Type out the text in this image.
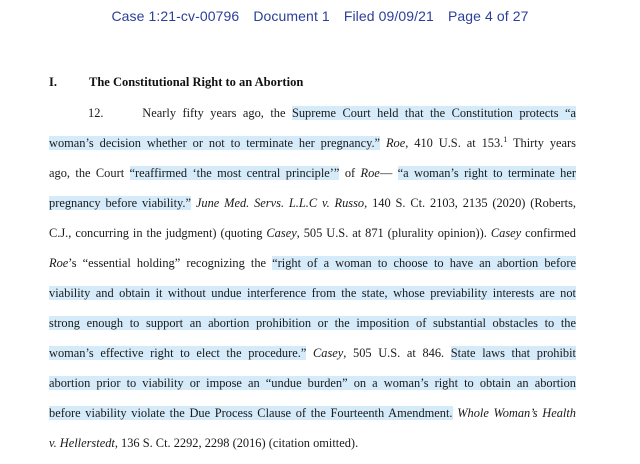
Case 1:21-cv-00796 Document 1 Filed 09/09/21 Page 4 of 27
I.	The Constitutional Right to an Abortion
12.	Nearly fifty years ago, the Supreme Court held that the Constitution protects “a
woman’s decision whether or not to terminate her pregnancy.” Roe, 410 U.S. at 153.$^1$ Thirty years
ago, the Court “reaffirmed ‘the most central principle’” of Roe— “a woman’s right to terminate her
pregnancy before viability.” June Med. Servs. L.L.C v. Russo, 140 S. Ct. 2103, 2135 (2020) (Roberts,
C.J., concurring in the judgment) (quoting Casey, 505 U.S. at 871 (plurality opinion)). Casey confirmed
Roe’s “essential holding” recognizing the “right of a woman to choose to have an abortion before
viability and obtain it without undue interference from the state, whose previability interests are not
strong enough to support an abortion prohibition or the imposition of substantial obstacles to the
woman’s effective right to elect the procedure.” Casey, 505 U.S. at 846. State laws that prohibit
abortion prior to viability or impose an “undue burden” on a woman’s right to obtain an abortion
before viability violate the Due Process Clause of the Fourteenth Amendment. Whole Woman’s Health
v. Hellerstedt, 136 S. Ct. 2292, 2298 (2016) (citation omitted).
